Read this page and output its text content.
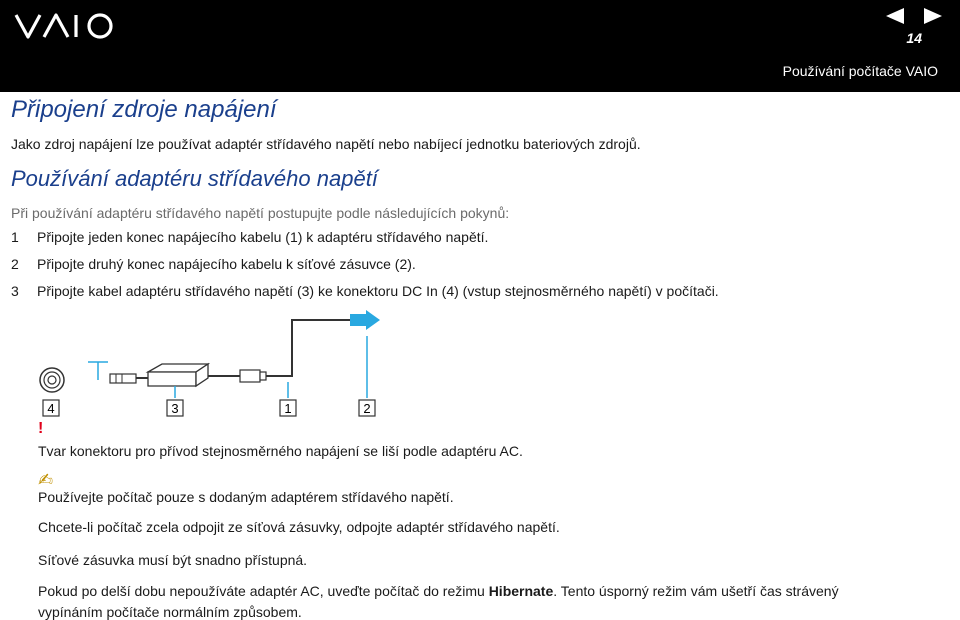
14
Používání počítače VAIO
Připojení zdroje napájení
Jako zdroj napájení lze používat adaptér střídavého napětí nebo nabíjecí jednotku bateriových zdrojů.
Používání adaptéru střídavého napětí
Při používání adaptéru střídavého napětí postupujte podle následujících pokynů:
1 Připojte jeden konec napájecího kabelu (1) k adaptéru střídavého napětí.
2 Připojte druhý konec napájecího kabelu k síťové zásuvce (2).
3 Připojte kabel adaptéru střídavého napětí (3) ke konektoru DC In (4) (vstup stejnosměrného napětí) v počítači.
4	3	1	2
!
Tvar konektoru pro přívod stejnosměrného napájení se liší podle adaptéru AC.
✍
Používejte počítač pouze s dodaným adaptérem střídavého napětí.
Chcete-li počítač zcela odpojit ze síťová zásuvky, odpojte adaptér střídavého napětí.
Síťové zásuvka musí být snadno přístupná.
Pokud po delší dobu nepoužíváte adaptér AC, uveďte počítač do režimu Hibernate. Tento úsporný režim vám ušetří čas strávený
vypínáním počítače normálním způsobem.
